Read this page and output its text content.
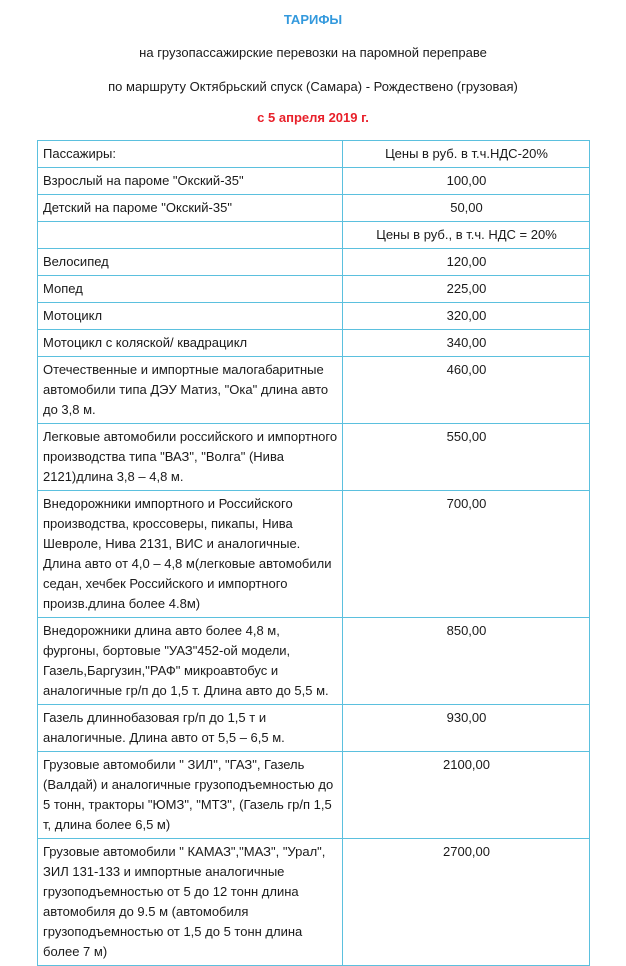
ТАРИФЫ
на грузопассажирские перевозки на паромной переправе
по маршруту Октябрьский спуск (Самара) - Рождествено (грузовая)
с 5 апреля 2019 г.
Пассажиры:	Цены в руб. в т.ч.НДС-20%
Взрослый на пароме "Окский-35"	100,00
Детский на пароме "Окский-35"	50,00
	Цены в руб., в т.ч. НДС = 20%
Велосипед	120,00
Мопед	225,00
Мотоцикл	320,00
Мотоцикл с коляской/ квадрацикл	340,00
Отечественные и импортные малогабаритные автомобили типа ДЭУ Матиз, "Ока" длина авто до 3,8 м.	460,00
Легковые автомобили российского и импортного производства типа "ВАЗ", "Волга" (Нива 2121)длина 3,8 – 4,8 м.	550,00
Внедорожники импортного и Российского производства, кроссоверы, пикапы, Нива Шевроле, Нива 2131, ВИС и аналогичные. Длина авто от 4,0 – 4,8 м(легковые автомобили седан, хечбек Российского и импортного произв.длина более 4.8м)	700,00
Внедорожники длина авто более 4,8 м, фургоны, бортовые "УАЗ"452-ой модели, Газель,Баргузин,"РАФ" микроавтобус и аналогичные гр/п до 1,5 т. Длина авто до 5,5 м.	850,00
Газель длиннобазовая гр/п до 1,5 т и аналогичные. Длина авто от 5,5 – 6,5 м.	930,00
Грузовые автомобили " ЗИЛ", "ГАЗ", Газель (Валдай) и аналогичные грузоподъемностью до 5 тонн, тракторы "ЮМЗ", "МТЗ", (Газель гр/п 1,5 т, длина более 6,5 м)	2100,00
Грузовые автомобили " КАМАЗ","МАЗ", "Урал", ЗИЛ 131-133 и импортные аналогичные грузоподъемностью от 5 до 12 тонн длина автомобиля до 9.5 м (автомобиля грузоподъемностью от 1,5 до 5 тонн длина более 7 м)	2700,00
